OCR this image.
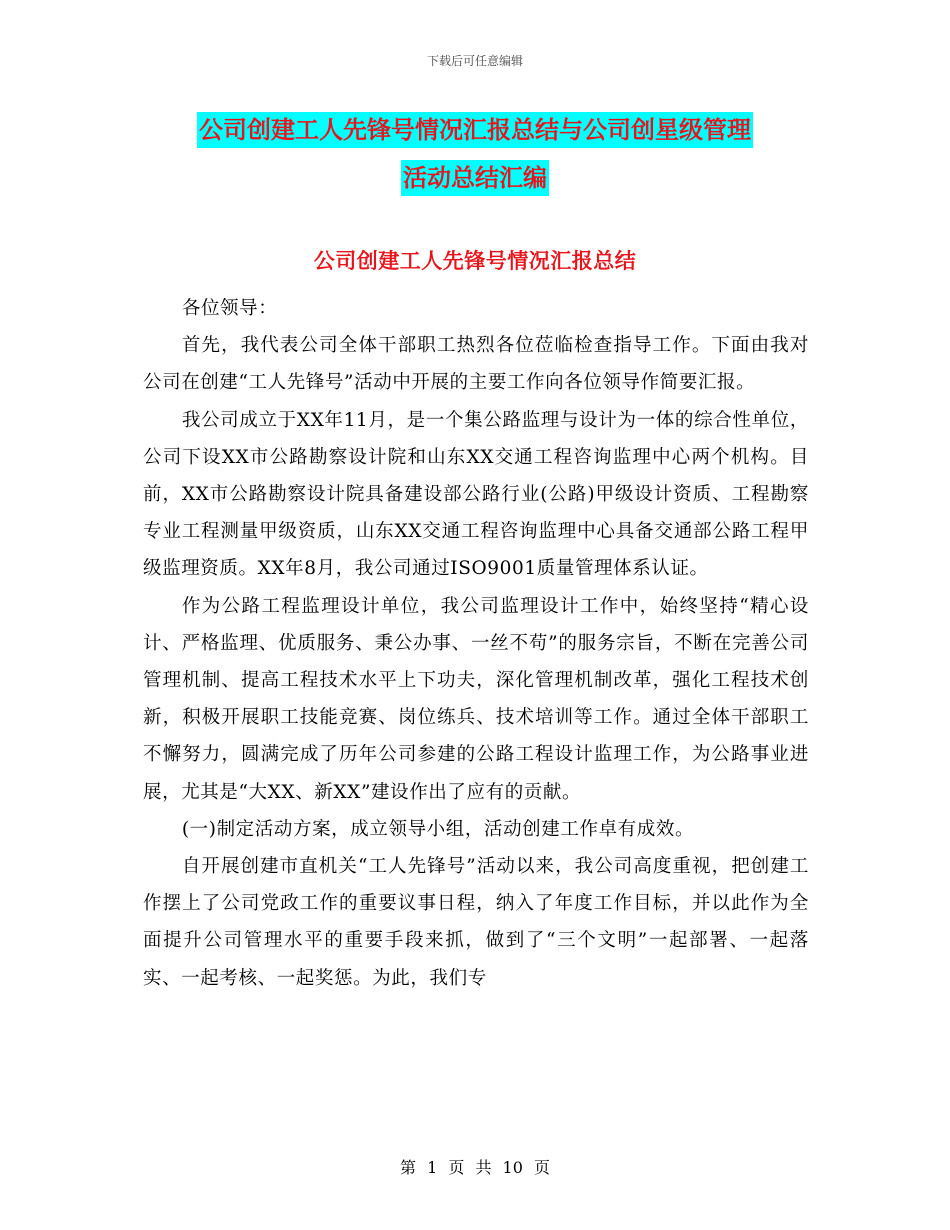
下载后可任意编辑
公司创建工人先锋号情况汇报总结与公司创星级管理
活动总结汇编
公司创建工人先锋号情况汇报总结

各位领导：

首先，我代表公司全体干部职工热烈各位莅临检查指导工作。下面由我对公司在创建“工人先锋号”活动中开展的主要工作向各位领导作简要汇报。

我公司成立于XX年11月，是一个集公路监理与设计为一体的综合性单位，公司下设XX市公路勘察设计院和山东XX交通工程咨询监理中心两个机构。目前，XX市公路勘察设计院具备建设部公路行业(公路)甲级设计资质、工程勘察专业工程测量甲级资质，山东XX交通工程咨询监理中心具备交通部公路工程甲级监理资质。XX年8月，我公司通过ISO9001质量管理体系认证。

作为公路工程监理设计单位，我公司监理设计工作中，始终坚持“精心设计、严格监理、优质服务、秉公办事、一丝不苟”的服务宗旨，不断在完善公司管理机制、提高工程技术水平上下功夫，深化管理机制改革，强化工程技术创新，积极开展职工技能竞赛、岗位练兵、技术培训等工作。通过全体干部职工不懈努力，圆满完成了历年公司参建的公路工程设计监理工作，为公路事业进展，尤其是“大XX、新XX”建设作出了应有的贡献。

(一)制定活动方案，成立领导小组，活动创建工作卓有成效。

自开展创建市直机关“工人先锋号”活动以来，我公司高度重视，把创建工作摆上了公司党政工作的重要议事日程，纳入了年度工作目标，并以此作为全面提升公司管理水平的重要手段来抓，做到了“三个文明”一起部署、一起落实、一起考核、一起奖惩。为此，我们专

第 1 页 共 10 页
